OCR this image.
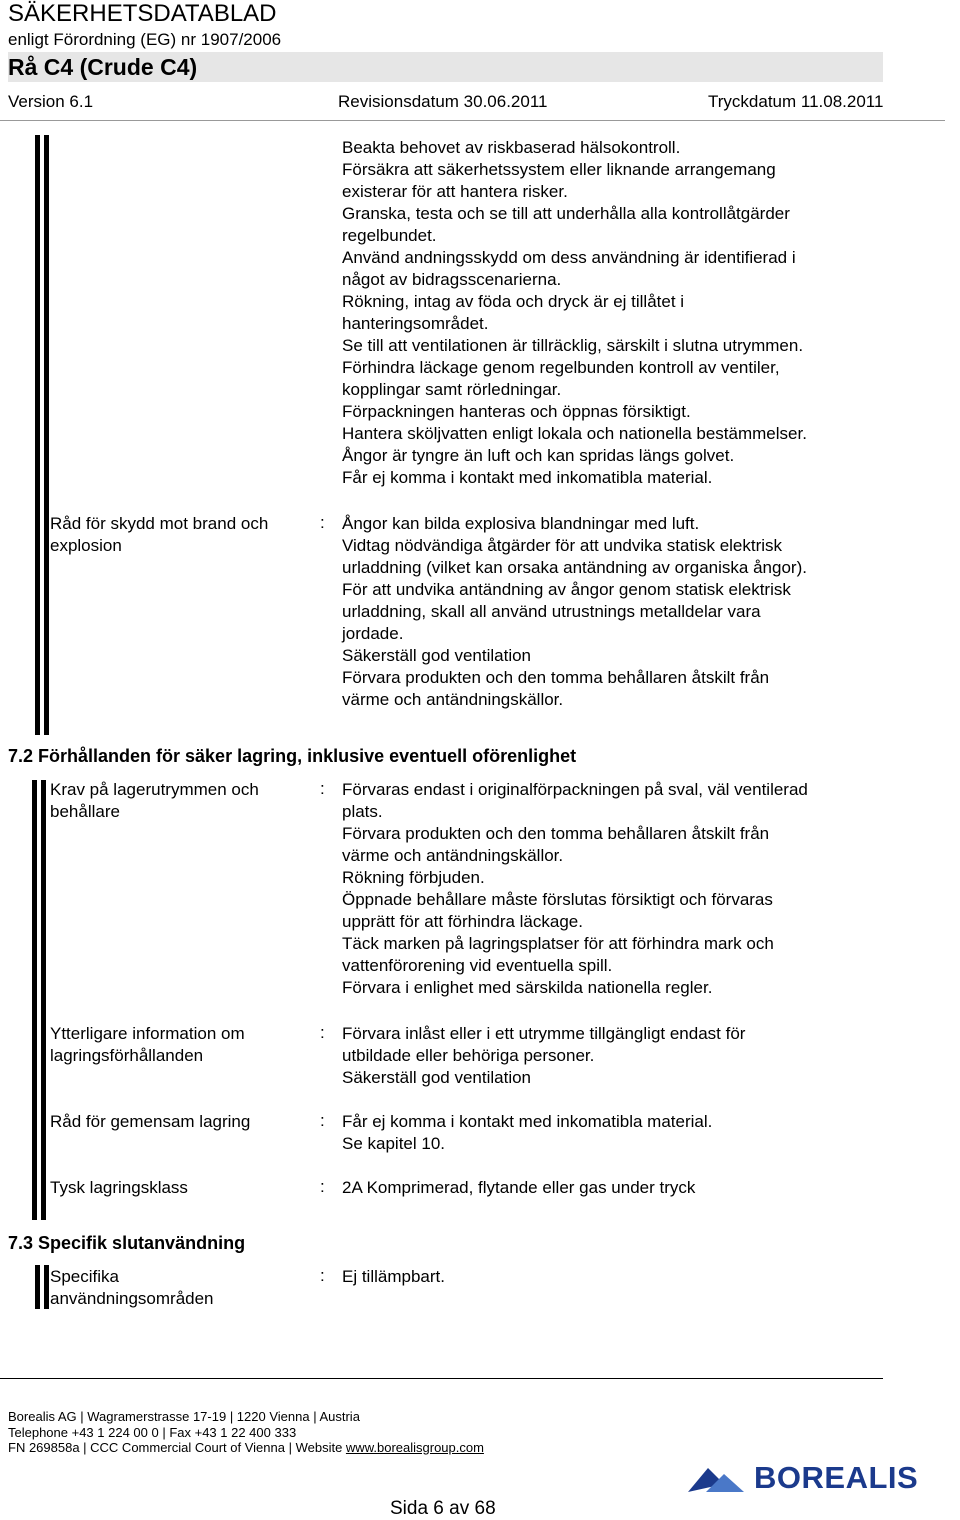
SÄKERHETSDATABLAD
enligt Förordning (EG) nr 1907/2006
Rå C4 (Crude C4)
Version 6.1	Revisionsdatum 30.06.2011	Tryckdatum 11.08.2011
Beakta behovet av riskbaserad hälsokontroll.
Försäkra att säkerhetssystem eller liknande arrangemang
existerar för att hantera risker.
Granska, testa och se till att underhålla alla kontrollåtgärder
regelbundet.
Använd andningsskydd om dess användning är identifierad i
något av bidragsscenarierna.
Rökning, intag av föda och dryck är ej tillåtet i
hanteringsområdet.
Se till att ventilationen är tillräcklig, särskilt i slutna utrymmen.
Förhindra läckage genom regelbunden kontroll av ventiler,
kopplingar samt rörledningar.
Förpackningen hanteras och öppnas försiktigt.
Hantera sköljvatten enligt lokala och nationella bestämmelser.
Ångor är tyngre än luft och kan spridas längs golvet.
Får ej komma i kontakt med inkomatibla material.
Råd för skydd mot brand och
explosion
: Ångor kan bilda explosiva blandningar med luft.
Vidtag nödvändiga åtgärder för att undvika statisk elektrisk
urladdning (vilket kan orsaka antändning av organiska ångor).
För att undvika antändning av ångor genom statisk elektrisk
urladdning, skall all använd utrustnings metalldelar vara
jordade.
Säkerställ god ventilation
Förvara produkten och den tomma behållaren åtskilt från
värme och antändningskällor.
7.2 Förhållanden för säker lagring, inklusive eventuell oförenlighet
Krav på lagerutrymmen och
behållare
: Förvaras endast i originalförpackningen på sval, väl ventilerad
plats.
Förvara produkten och den tomma behållaren åtskilt från
värme och antändningskällor.
Rökning förbjuden.
Öppnade behållare måste förslutas försiktigt och förvaras
upprätt för att förhindra läckage.
Täck marken på lagringsplatser för att förhindra mark och
vattenförorening vid eventuella spill.
Förvara i enlighet med särskilda nationella regler.
Ytterligare information om
lagringsförhållanden
: Förvara inlåst eller i ett utrymme tillgängligt endast för
utbildade eller behöriga personer.
Säkerställ god ventilation
Råd för gemensam lagring	: Får ej komma i kontakt med inkomatibla material.
Se kapitel 10.
Tysk lagringsklass	: 2A Komprimerad, flytande eller gas under tryck
7.3 Specifik slutanvändning
Specifika
användningsområden
: Ej tillämpbart.
Borealis AG | Wagramerstrasse 17-19 | 1220 Vienna | Austria
Telephone +43 1 224 00 0 | Fax +43 1 22 400 333
FN 269858a | CCC Commercial Court of Vienna | Website www.borealisgroup.com
BOREALIS
Sida 6 av 68
